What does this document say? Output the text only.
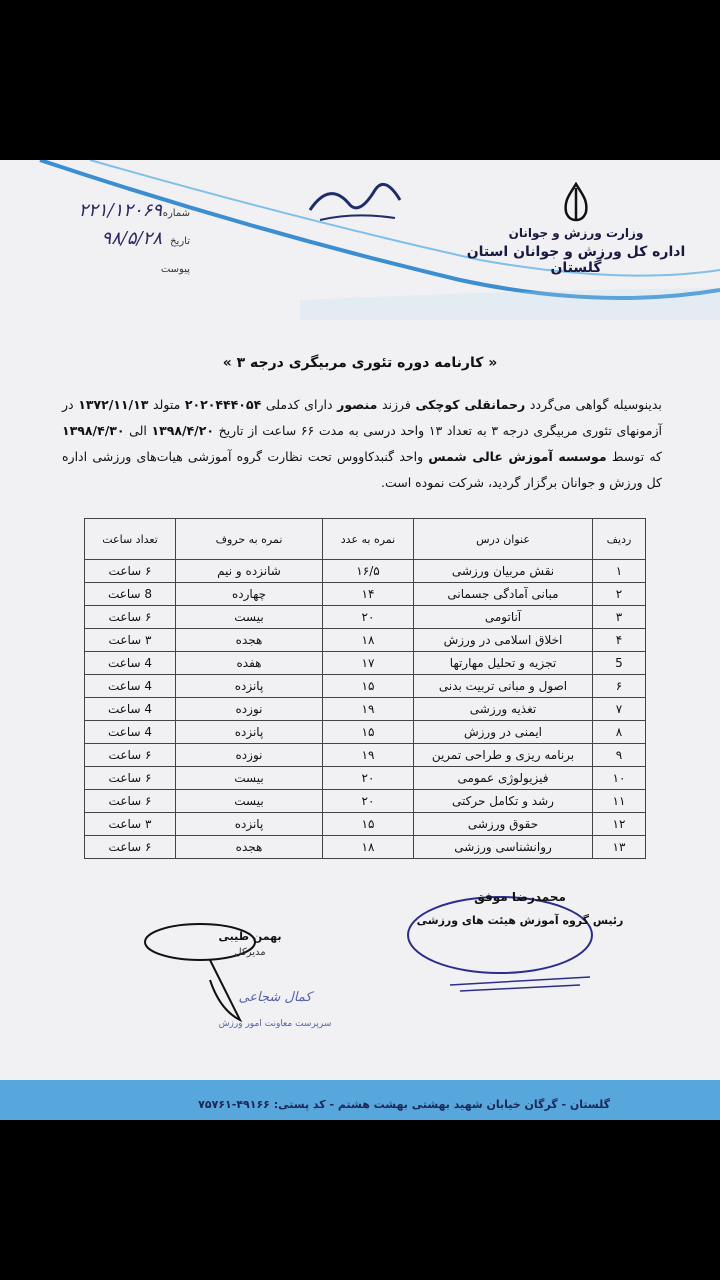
وزارت ورزش و جوانان
اداره کل ورزش و جوانان استان گلستان
شماره
۲۲۱/۱۲۰۶۹
تاریخ
۹۸/۵/۲۸
پیوست
« کارنامه دوره تئوری مربیگری درجه ۳ »
بدینوسیله گواهی می‌گردد رحمانقلی کوچکی فرزند منصور دارای کدملی ۲۰۲۰۴۴۴۰۵۴ متولد ۱۳۷۲/۱۱/۱۳ در آزمونهای تئوری مربیگری درجه ۳ به تعداد ۱۳ واحد درسی به مدت ۶۶ ساعت از تاریخ ۱۳۹۸/۴/۲۰ الی ۱۳۹۸/۴/۳۰ که توسط موسسه آموزش عالی شمس واحد گنبدکاووس تحت نظارت گروه آموزشی هیات‌های ورزشی اداره کل ورزش و جوانان برگزار گردید، شرکت نموده است.
ردیف	عنوان درس	نمره به عدد	نمره به حروف	تعداد ساعت
۱	نقش مربیان ورزشی	۱۶/۵	شانزده و نیم	۶ ساعت
۲	مبانی آمادگی جسمانی	۱۴	چهارده	8 ساعت
۳	آناتومی	۲۰	بیست	۶ ساعت
۴	اخلاق اسلامی در ورزش	۱۸	هجده	۳ ساعت
5	تجزیه و تحلیل مهارتها	۱۷	هفده	4 ساعت
۶	اصول و مبانی تربیت بدنی	۱۵	پانزده	4 ساعت
۷	تغذیه ورزشی	۱۹	نوزده	4 ساعت
۸	ایمنی در ورزش	۱۵	پانزده	4 ساعت
۹	برنامه ریزی و طراحی تمرین	۱۹	نوزده	۶ ساعت
۱۰	فیزیولوژی عمومی	۲۰	بیست	۶ ساعت
۱۱	رشد و تکامل حرکتی	۲۰	بیست	۶ ساعت
۱۲	حقوق ورزشی	۱۵	پانزده	۳ ساعت
۱۳	روانشناسی ورزشی	۱۸	هجده	۶ ساعت
محمدرضا موفق
رئیس گروه آموزش هیئت های ورزشی
بهمن طیبی
مدیرکل
کمال شجاعی
سرپرست معاونت امور ورزش
گلستان - گرگان خیابان شهید بهشتی بهشت هشتم - کد پستی: ۴۹۱۶۶-۷۵۷۶۱
